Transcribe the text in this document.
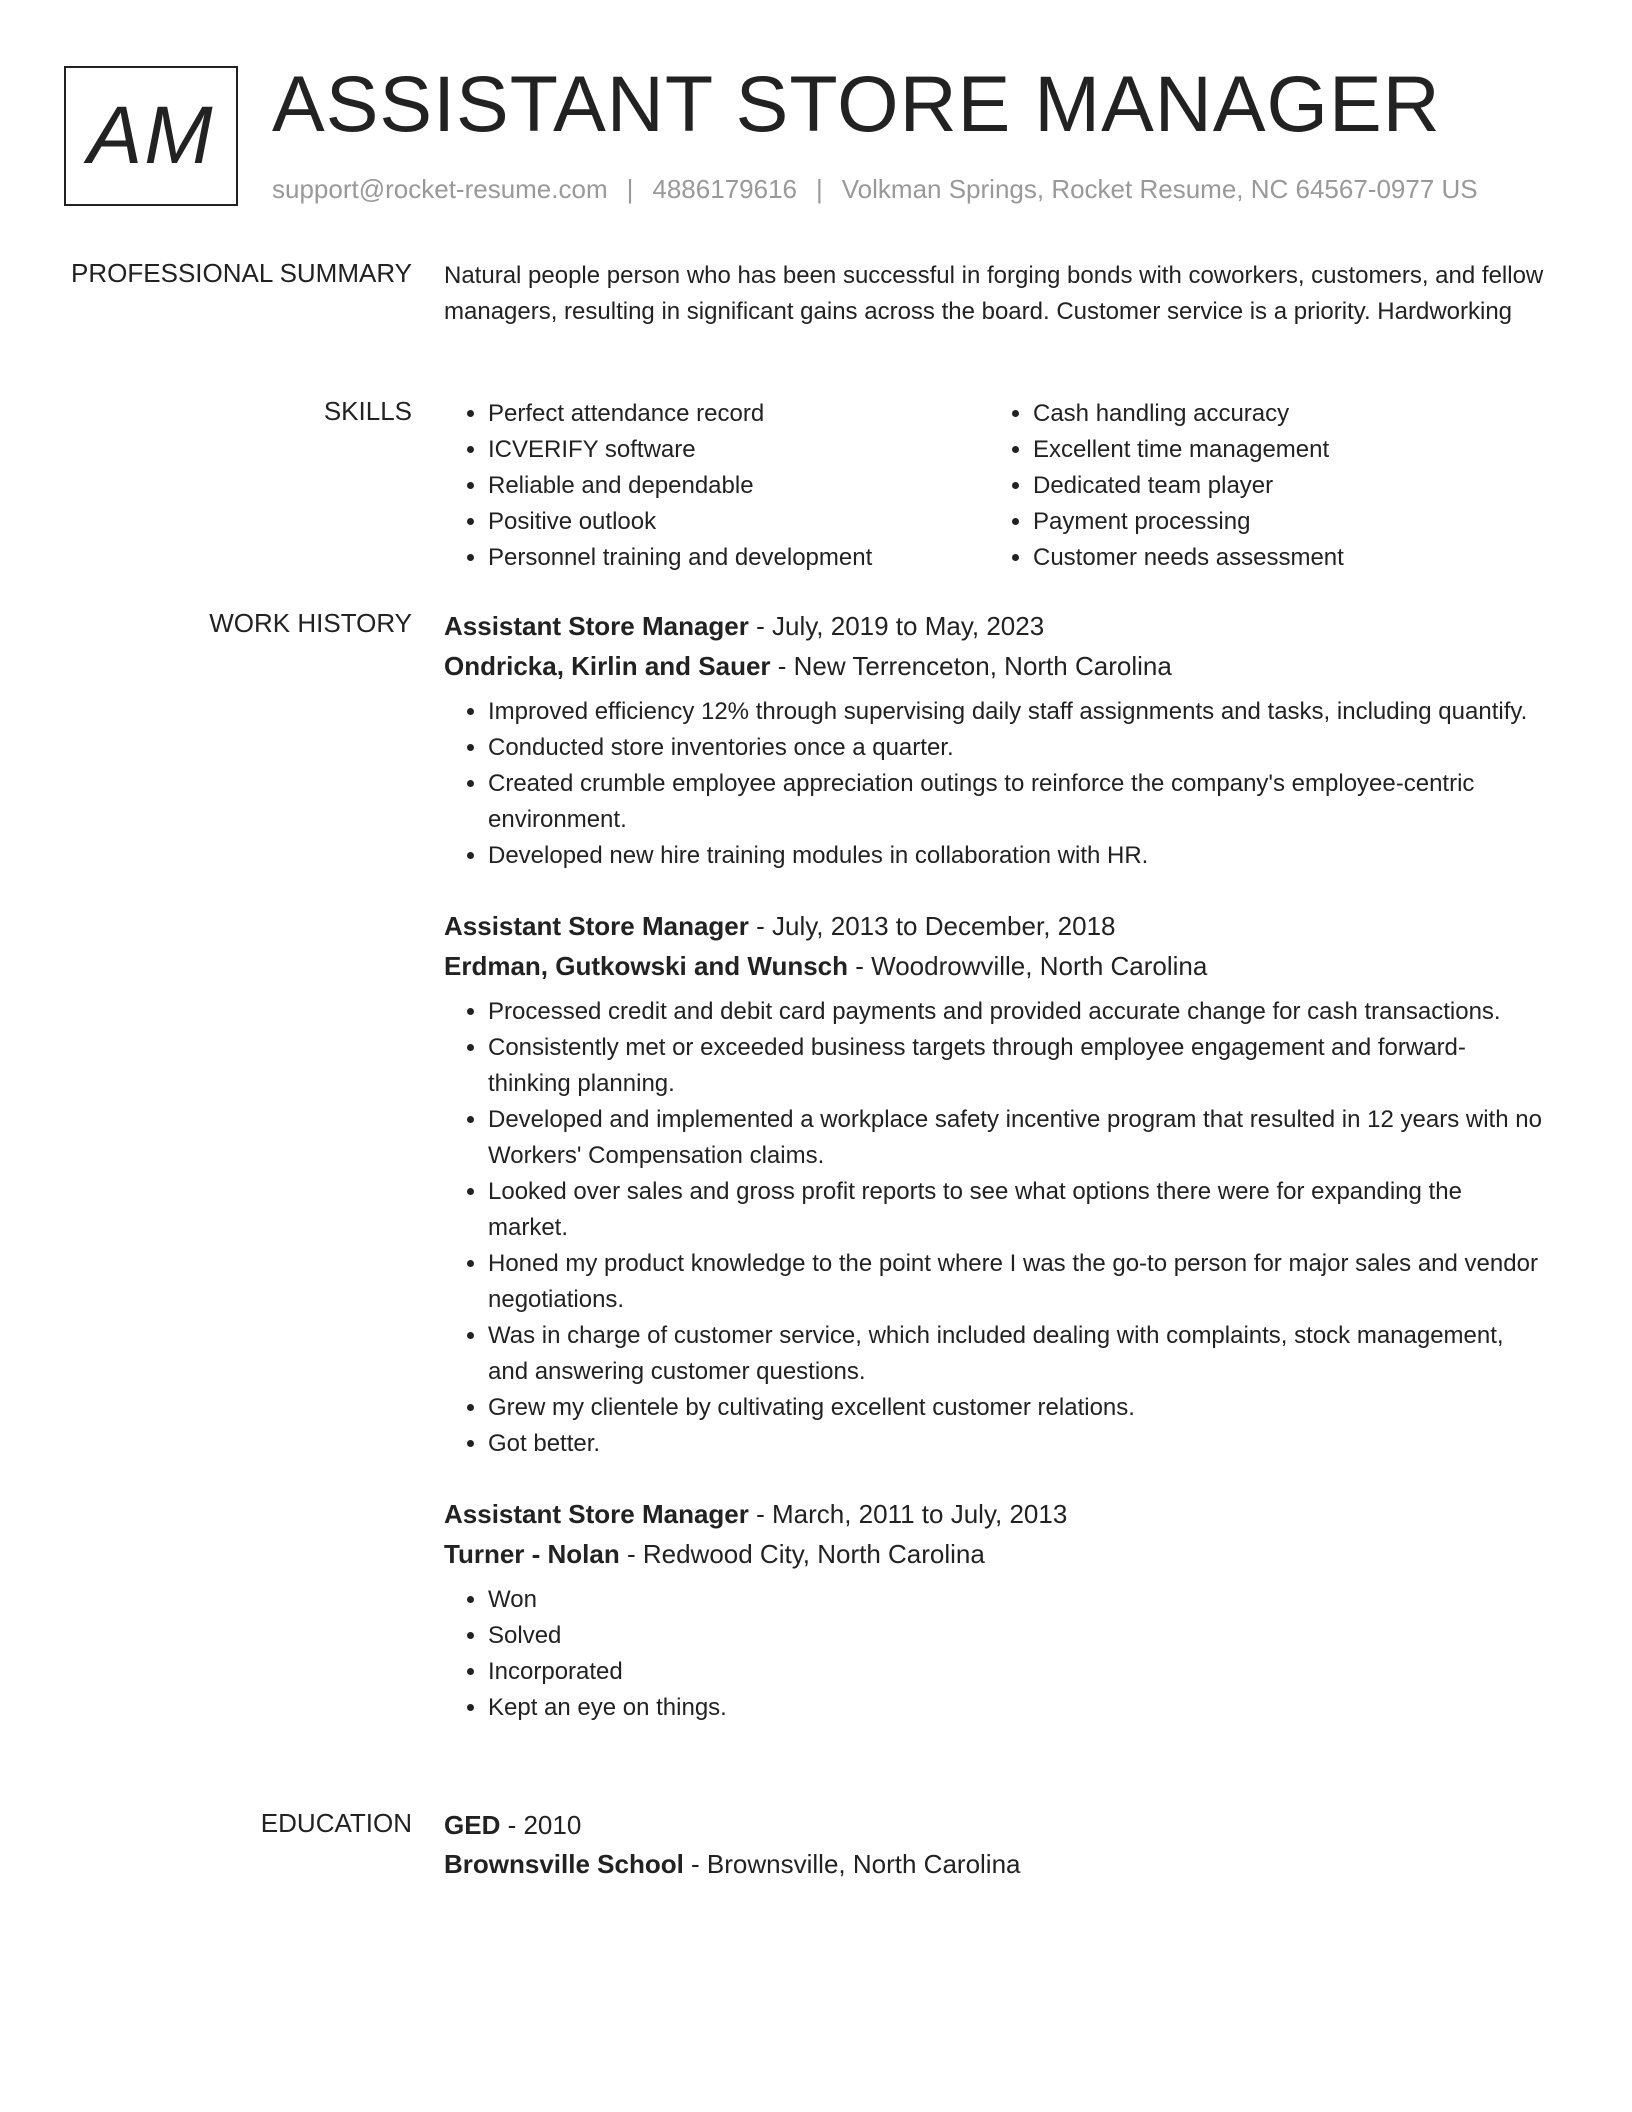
AM ASSISTANT STORE MANAGER
support@rocket-resume.com | 4886179616 | Volkman Springs, Rocket Resume, NC 64567-0977 US
PROFESSIONAL SUMMARY Natural people person who has been successful in forging bonds with coworkers, customers, and fellow managers, resulting in significant gains across the board. Customer service is a priority. Hardworking
SKILLS
•	Perfect attendance record
• ICVERIFY software
• Reliable and dependable
• Positive outlook
• Personnel training and development
• Cash handling accuracy
• Excellent time management
• Dedicated team player
• Payment processing
• Customer needs assessment
WORK HISTORY Assistant Store Manager - July, 2019 to May, 2023
Ondricka, Kirlin and Sauer - New Terrenceton, North Carolina
• Improved efficiency 12% through supervising daily staff assignments and tasks, including quantify.
• Conducted store inventories once a quarter.
• Created crumble employee appreciation outings to reinforce the company's employee-centric environment.
• Developed new hire training modules in collaboration with HR.
Assistant Store Manager - July, 2013 to December, 2018
Erdman, Gutkowski and Wunsch - Woodrowville, North Carolina
• Processed credit and debit card payments and provided accurate change for cash transactions.
• Consistently met or exceeded business targets through employee engagement and forward-thinking planning.
• Developed and implemented a workplace safety incentive program that resulted in 12 years with no Workers' Compensation claims.
• Looked over sales and gross profit reports to see what options there were for expanding the market.
• Honed my product knowledge to the point where I was the go-to person for major sales and vendor negotiations.
• Was in charge of customer service, which included dealing with complaints, stock management, and answering customer questions.
• Grew my clientele by cultivating excellent customer relations.
• Got better.
Assistant Store Manager - March, 2011 to July, 2013
Turner - Nolan - Redwood City, North Carolina
• Won
• Solved
• Incorporated
• Kept an eye on things.
EDUCATION GED - 2010
Brownsville School - Brownsville, North Carolina
